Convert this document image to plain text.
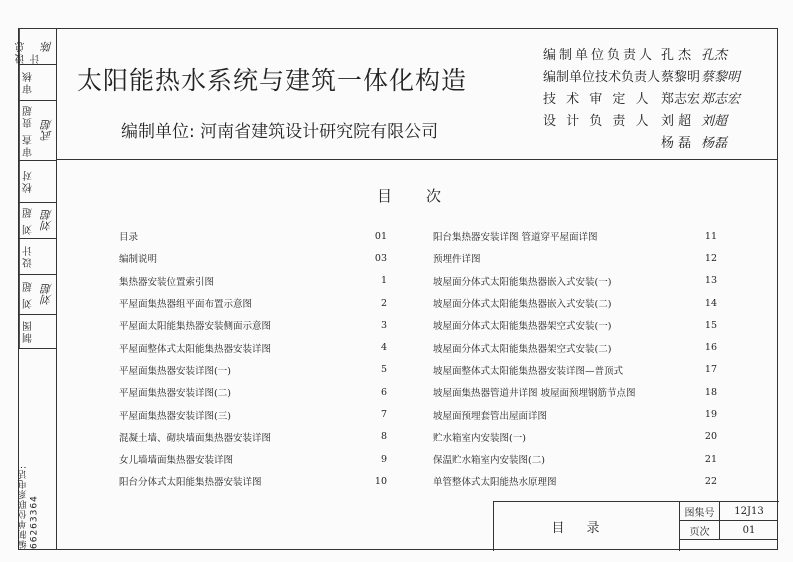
设总计
陈
审核
审查 贵超 武超
校对
刘 超 刘超
设计
刘 超 刘超
制图
编制单位联系电话: 66263364
太阳能热水系统与建筑一体化构造
编制单位: 河南省建筑设计研究院有限公司
编制单位负责人 孔 杰 孔杰
编制单位技术负责人 蔡黎明 蔡黎明
技 术 审 定 人 郑志宏 郑志宏
设 计 负 责 人 刘 超 刘超
杨 磊 杨磊
目次
目录	01
编制说明	03
集热器安装位置索引图	1
平屋面集热器组平面布置示意图	2
平屋面太阳能集热器安装侧面示意图	3
平屋面整体式太阳能集热器安装详图	4
平屋面集热器安装详图(一)	5
平屋面集热器安装详图(二)	6
平屋面集热器安装详图(三)	7
混凝土墙、砌块墙面集热器安装详图	8
女儿墙墙面集热器安装详图	9
阳台分体式太阳能集热器安装详图	10
阳台集热器安装详图 管道穿平屋面详图	11
预埋件详图	12
坡屋面分体式太阳能集热器嵌入式安装(一)	13
坡屋面分体式太阳能集热器嵌入式安装(二)	14
坡屋面分体式太阳能集热器架空式安装(一)	15
坡屋面分体式太阳能集热器架空式安装(二)	16
坡屋面整体式太阳能集热器安装详图—普顶式	17
坡屋面集热器管道井详图 坡屋面预埋钢筋节点图	18
坡屋面预埋套管出屋面详图	19
贮水箱室内安装图(一)	20
保温贮水箱室内安装图(二)	21
单管整体式太阳能热水原理图	22
目录
图集号	12J13
页次	01
